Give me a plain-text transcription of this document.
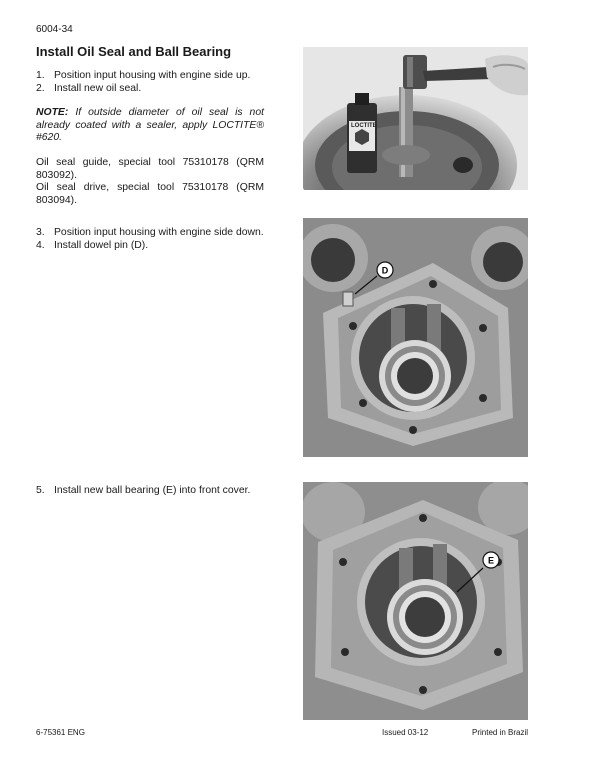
6004-34
Install Oil Seal and Ball Bearing
1. Position input housing with engine side up.
2. Install new oil seal.
NOTE: If outside diameter of oil seal is not already coated with a sealer, apply LOCTITE® #620.
Oil seal guide, special tool 75310178 (QRM 803092).
Oil seal drive, special tool 75310178 (QRM 803094).
3. Position input housing with engine side down.
4. Install dowel pin (D).
5. Install new ball bearing (E) into front cover.
LOCTITE
D
E
6-75361 ENG	Issued 03-12	Printed in Brazil
